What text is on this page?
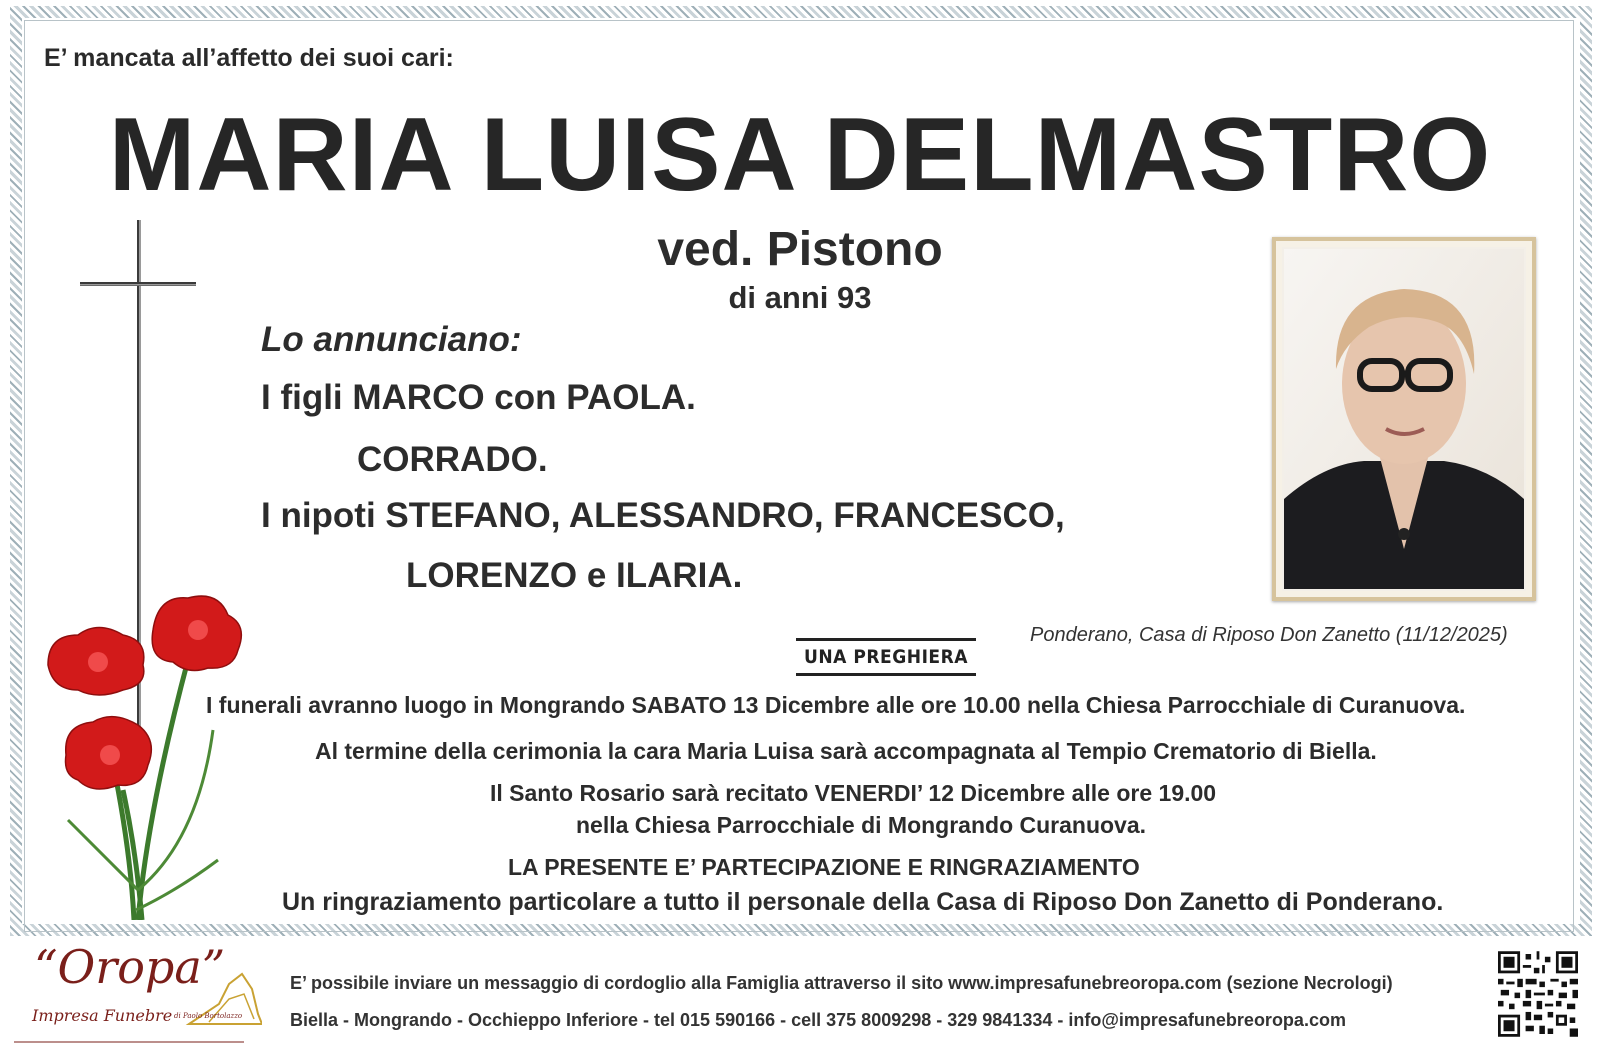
E’ mancata all’affetto dei suoi cari:
MARIA LUISA DELMASTRO
ved. Pistono
di anni 93
Lo annunciano:
I figli MARCO con PAOLA.
CORRADO.
I nipoti STEFANO, ALESSANDRO, FRANCESCO,
LORENZO e ILARIA.
Ponderano, Casa di Riposo Don Zanetto (11/12/2025)
UNA PREGHIERA
I funerali avranno luogo in Mongrando SABATO 13 Dicembre alle ore 10.00 nella Chiesa Parrocchiale di Curanuova.
Al termine della cerimonia la cara Maria Luisa sarà accompagnata al Tempio Crematorio di Biella.
Il Santo Rosario sarà recitato VENERDI’ 12 Dicembre alle ore 19.00
nella Chiesa Parrocchiale di Mongrando Curanuova.
LA PRESENTE E’ PARTECIPAZIONE E RINGRAZIAMENTO
Un ringraziamento particolare a tutto il personale della Casa di Riposo Don Zanetto di Ponderano.
“Oropa”
Impresa Funebre di Paolo Bortolazzo
E’ possibile inviare un messaggio di cordoglio alla Famiglia attraverso il sito www.impresafunebreoropa.com (sezione Necrologi)
Biella - Mongrando - Occhieppo Inferiore - tel 015 590166 - cell 375 8009298 - 329 9841334 - info@impresafunebreoropa.com
